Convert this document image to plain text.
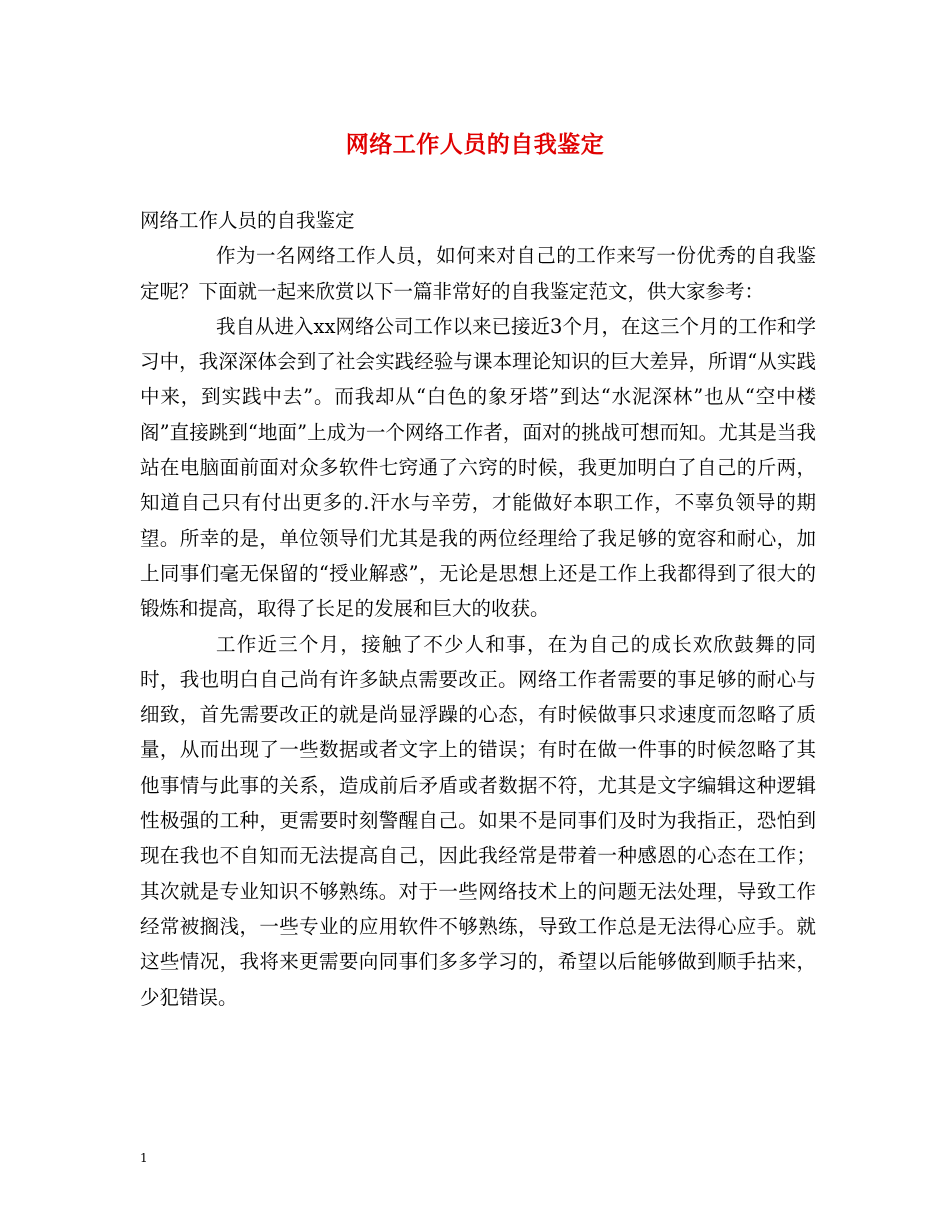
网络工作人员的自我鉴定

网络工作人员的自我鉴定

作为一名网络工作人员，如何来对自己的工作来写一份优秀的自我鉴定呢？下面就一起来欣赏以下一篇非常好的自我鉴定范文，供大家参考：

我自从进入xx网络公司工作以来已接近3个月，在这三个月的工作和学习中，我深深体会到了社会实践经验与课本理论知识的巨大差异，所谓“从实践中来，到实践中去”。而我却从“白色的象牙塔”到达“水泥深林”也从“空中楼阁”直接跳到“地面”上成为一个网络工作者，面对的挑战可想而知。尤其是当我站在电脑面前面对众多软件七窍通了六窍的时候，我更加明白了自己的斤两，知道自己只有付出更多的.汗水与辛劳，才能做好本职工作，不辜负领导的期望。所幸的是，单位领导们尤其是我的两位经理给了我足够的宽容和耐心，加上同事们毫无保留的“授业解惑”，无论是思想上还是工作上我都得到了很大的锻炼和提高，取得了长足的发展和巨大的收获。

工作近三个月，接触了不少人和事，在为自己的成长欢欣鼓舞的同时，我也明白自己尚有许多缺点需要改正。网络工作者需要的事足够的耐心与细致，首先需要改正的就是尚显浮躁的心态，有时候做事只求速度而忽略了质量，从而出现了一些数据或者文字上的错误；有时在做一件事的时候忽略了其他事情与此事的关系，造成前后矛盾或者数据不符，尤其是文字编辑这种逻辑性极强的工种，更需要时刻警醒自己。如果不是同事们及时为我指正，恐怕到现在我也不自知而无法提高自己，因此我经常是带着一种感恩的心态在工作；其次就是专业知识不够熟练。对于一些网络技术上的问题无法处理，导致工作经常被搁浅，一些专业的应用软件不够熟练，导致工作总是无法得心应手。就这些情况，我将来更需要向同事们多多学习的，希望以后能够做到顺手拈来，少犯错误。

1
